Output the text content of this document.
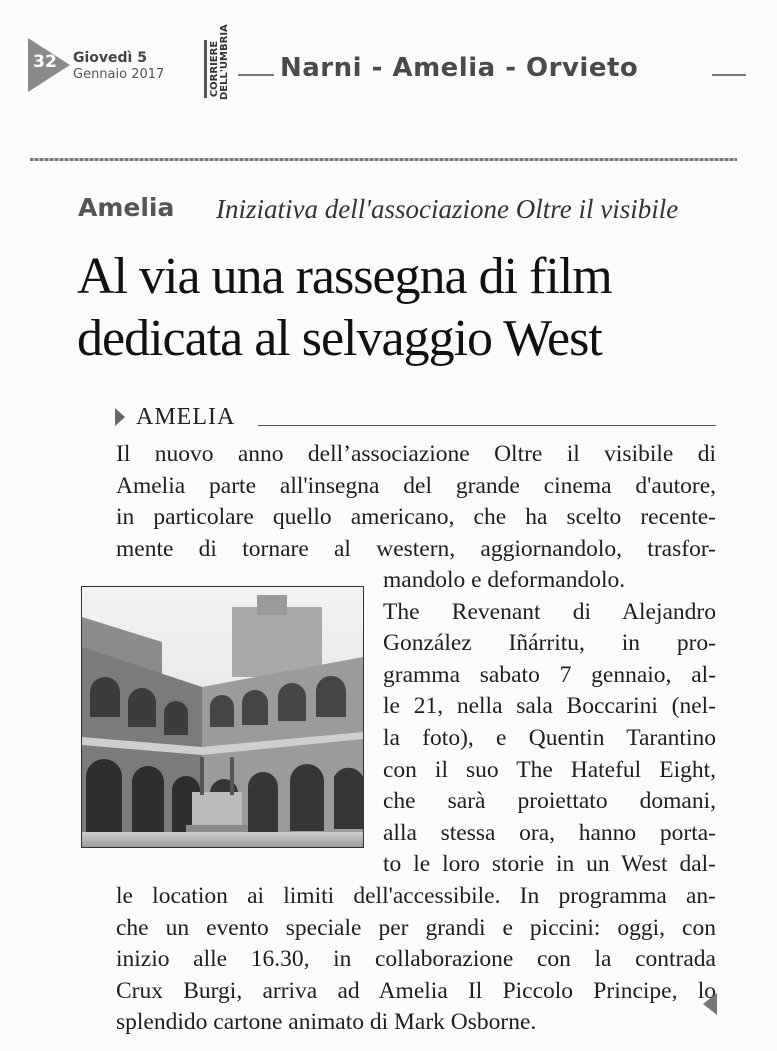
32	Giovedì 5
Gennaio 2017	CORRIERE DELL'UMBRIA Narni - Amelia - Orvieto
Amelia Iniziativa dell'associazione Oltre il visibile
Al via una rassegna di film
dedicata al selvaggio West
AMELIA
Il nuovo anno dell’associazione Oltre il visibile di
Amelia parte all'insegna del grande cinema d'autore,
in particolare quello americano, che ha scelto recente-
mente di tornare al western, aggiornandolo, trasfor-
mandolo e deformandolo.
The Revenant di Alejandro
González Iñárritu, in pro-
gramma sabato 7 gennaio, al-
le 21, nella sala Boccarini (nel-
la foto), e Quentin Tarantino
con il suo The Hateful Eight,
che sarà proiettato domani,
alla stessa ora, hanno porta-
to le loro storie in un West dal-
le location ai limiti dell'accessibile. In programma an-
che un evento speciale per grandi e piccini: oggi, con
inizio alle 16.30, in collaborazione con la contrada
Crux Burgi, arriva ad Amelia Il Piccolo Principe, lo
splendido cartone animato di Mark Osborne.
